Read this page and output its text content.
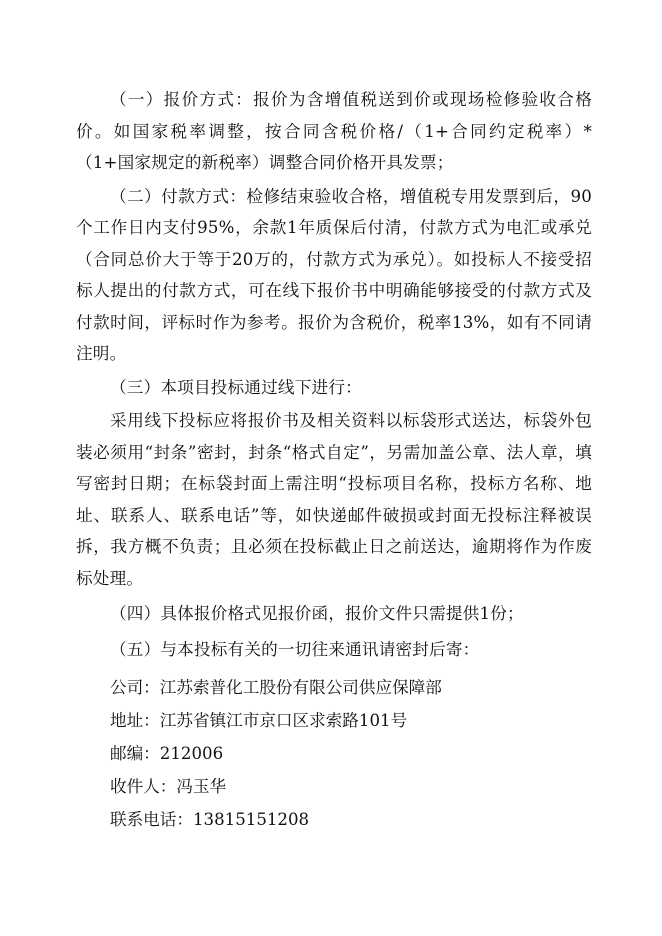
（一）报价方式：报价为含增值税送到价或现场检修验收合格价。如国家税率调整，按合同含税价格/（1+合同约定税率）*（1+国家规定的新税率）调整合同价格开具发票；

（二）付款方式：检修结束验收合格，增值税专用发票到后，90个工作日内支付95%，余款1年质保后付清，付款方式为电汇或承兑（合同总价大于等于20万的，付款方式为承兑）。如投标人不接受招标人提出的付款方式，可在线下报价书中明确能够接受的付款方式及付款时间，评标时作为参考。报价为含税价，税率13%，如有不同请注明。

（三）本项目投标通过线下进行：

采用线下投标应将报价书及相关资料以标袋形式送达，标袋外包装必须用“封条”密封，封条“格式自定”，另需加盖公章、法人章，填写密封日期；在标袋封面上需注明“投标项目名称，投标方名称、地址、联系人、联系电话”等，如快递邮件破损或封面无投标注释被误拆，我方概不负责；且必须在投标截止日之前送达，逾期将作为作废标处理。

（四）具体报价格式见报价函，报价文件只需提供1份；

（五）与本投标有关的一切往来通讯请密封后寄：

公司：江苏索普化工股份有限公司供应保障部

地址：江苏省镇江市京口区求索路101号

邮编：212006

收件人：冯玉华

联系电话：13815151208
